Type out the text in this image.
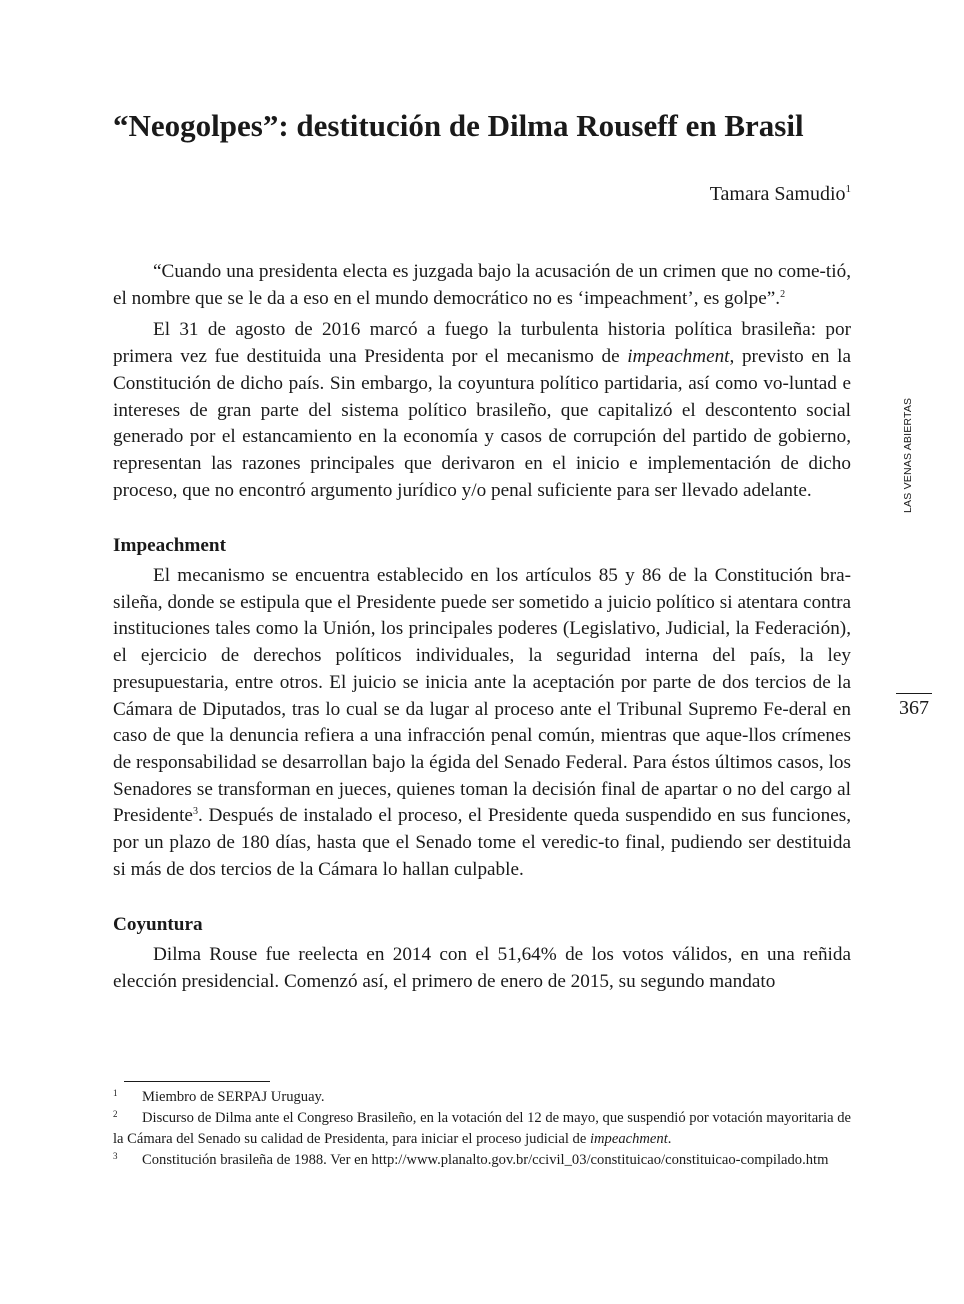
“Neogolpes”: destitución de Dilma Rouseff en Brasil
Tamara Samudio$^1$

“Cuando una presidenta electa es juzgada bajo la acusación de un crimen que no come-tió, el nombre que se le da a eso en el mundo democrático no es ‘impeachment’, es golpe”.$^2$

El 31 de agosto de 2016 marcó a fuego la turbulenta historia política brasileña: por primera vez fue destituida una Presidenta por el mecanismo de impeachment, previsto en la Constitución de dicho país. Sin embargo, la coyuntura político partidaria, así como vo-luntad e intereses de gran parte del sistema político brasileño, que capitalizó el descontento social generado por el estancamiento en la economía y casos de corrupción del partido de gobierno, representan las razones principales que derivaron en el inicio e implementación de dicho proceso, que no encontró argumento jurídico y/o penal suficiente para ser llevado adelante.

Impeachment

El mecanismo se encuentra establecido en los artículos 85 y 86 de la Constitución bra-sileña, donde se estipula que el Presidente puede ser sometido a juicio político si atentara contra instituciones tales como la Unión, los principales poderes (Legislativo, Judicial, la Federación), el ejercicio de derechos políticos individuales, la seguridad interna del país, la ley presupuestaria, entre otros. El juicio se inicia ante la aceptación por parte de dos tercios de la Cámara de Diputados, tras lo cual se da lugar al proceso ante el Tribunal Supremo Fe-deral en caso de que la denuncia refiera a una infracción penal común, mientras que aque-llos crímenes de responsabilidad se desarrollan bajo la égida del Senado Federal. Para éstos últimos casos, los Senadores se transforman en jueces, quienes toman la decisión final de apartar o no del cargo al Presidente$^3$. Después de instalado el proceso, el Presidente queda suspendido en sus funciones, por un plazo de 180 días, hasta que el Senado tome el veredic-to final, pudiendo ser destituida si más de dos tercios de la Cámara lo hallan culpable.

Coyuntura

Dilma Rouse fue reelecta en 2014 con el 51,64% de los votos válidos, en una reñida elección presidencial. Comenzó así, el primero de enero de 2015, su segundo mandato

LAS VENAS ABIERTAS
367

1 Miembro de SERPAJ Uruguay.

2 Discurso de Dilma ante el Congreso Brasileño, en la votación del 12 de mayo, que suspendió por votación mayoritaria de la Cámara del Senado su calidad de Presidenta, para iniciar el proceso judicial de impeachment.

3 Constitución brasileña de 1988. Ver en http://www.planalto.gov.br/ccivil_03/constituicao/constituicao-compilado.htm
